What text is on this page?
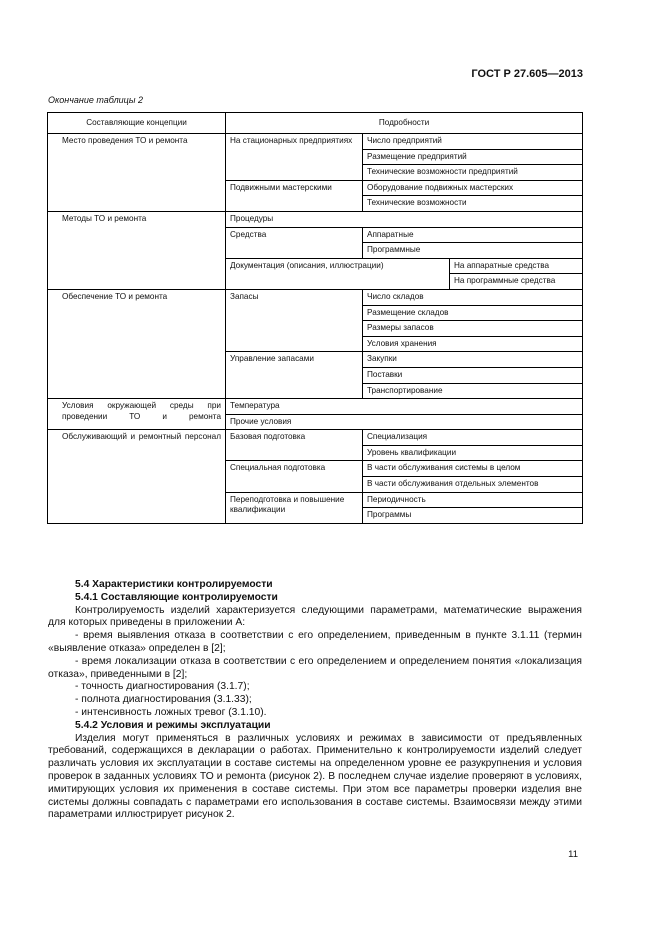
ГОСТ Р 27.605—2013
Окончание таблицы 2
Составляющие концепции	Подробности		
Место проведения ТО и ремонта	На стационарных предприятиях	Число предприятий	
		Размещение предприятий	
		Технические возможности предприятий	
	Подвижными мастерскими	Оборудование подвижных мастерских	
		Технические возможности	
Методы ТО и ремонта	Процедуры		
	Средства	Аппаратные	
		Программные	
	Документация (описания, иллюстрации)		На аппаратные средства
			На программные средства
Обеспечение ТО и ремонта	Запасы	Число складов	
		Размещение складов	
		Размеры запасов	
		Условия хранения	
	Управление запасами	Закупки	
		Поставки	
		Транспортирование	
Условия окружающей среды при проведении ТО и ремонта	Температура		
	Прочие условия		
Обслуживающий и ремонтный персонал	Базовая подготовка	Специализация	
		Уровень квалификации	
	Специальная подготовка	В части обслуживания системы в целом	
		В части обслуживания отдельных элементов	
	Переподготовка и повышение квалификации	Периодичность	
		Программы	

5.4 Характеристики контролируемости

5.4.1 Составляющие контролируемости

Контролируемость изделий характеризуется следующими параметрами, математические выражения для которых приведены в приложении А:

- время выявления отказа в соответствии с его определением, приведенным в пункте 3.1.11 (термин «выявление отказа» определен в [2];

- время локализации отказа в соответствии с его определением и определением понятия «локализация отказа», приведенными в [2];

- точность диагностирования (3.1.7);

- полнота диагностирования (3.1.33);

- интенсивность ложных тревог (3.1.10).

5.4.2 Условия и режимы эксплуатации

Изделия могут применяться в различных условиях и режимах в зависимости от предъявленных требований, содержащихся в декларации о работах. Применительно к контролируемости изделий следует различать условия их эксплуатации в составе системы на определенном уровне ее разукрупнения и условия проверок в заданных условиях ТО и ремонта (рисунок 2). В последнем случае изделие проверяют в условиях, имитирующих условия их применения в составе системы. При этом все параметры проверки изделия вне системы должны совпадать с параметрами его использования в составе системы. Взаимосвязи между этими параметрами иллюстрирует рисунок 2.

11
